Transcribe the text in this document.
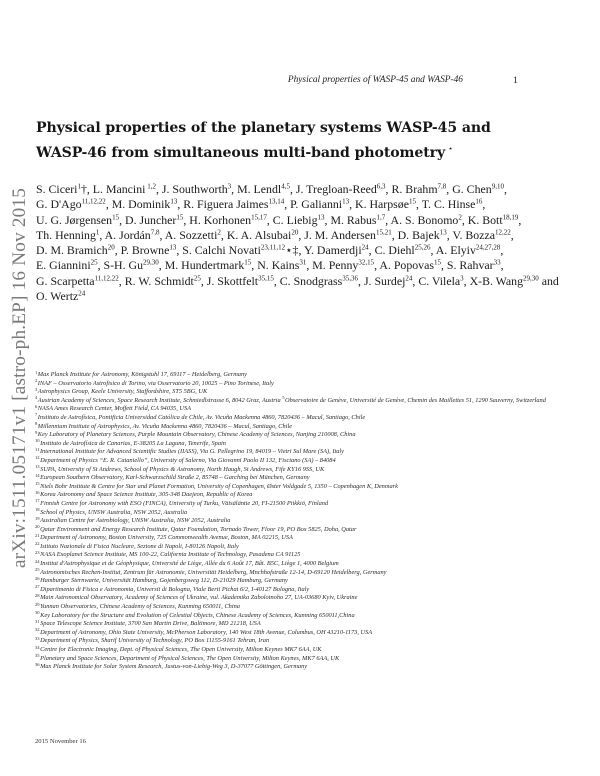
arXiv:1511.05171v1 [astro-ph.EP] 16 Nov 2015
Physical properties of WASP-45 and WASP-46	1
Physical properties of the planetary systems WASP-45 and
WASP-46 from simultaneous multi-band photometry ⋆
S. Ciceri$^1$†, L. Mancini $^{1,2}$, J. Southworth$^3$, M. Lendl$^{4,5}$, J. Tregloan-Reed$^{6,3}$, R. Brahm$^{7,8}$, G. Chen$^{9,10}$, G. D'Ago$^{11,12,22}$, M. Dominik$^{13}$, R. Figuera Jaimes$^{13,14}$, P. Galianni$^{13}$, K. Harpsøe$^{15}$, T. C. Hinse$^{16}$, U. G. Jørgensen$^{15}$, D. Juncher$^{15}$, H. Korhonen$^{15,17}$, C. Liebig$^{13}$, M. Rabus$^{1,7}$, A. S. Bonomo$^2$, K. Bott$^{18,19}$, Th. Henning$^1$, A. Jordán$^{7,8}$, A. Sozzetti$^2$, K. A. Alsubai$^{20}$, J. M. Andersen$^{15,21}$, D. Bajek$^{13}$, V. Bozza$^{12,22}$, D. M. Bramich$^{20}$, P. Browne$^{13}$, S. Calchi Novati$^{23,11,12}$⋆‡, Y. Damerdji$^{24}$, C. Diehl$^{25,26}$, A. Elyiv$^{24,27,28}$, E. Giannini$^{25}$, S-H. Gu$^{29,30}$, M. Hundertmark$^{15}$, N. Kains$^{31}$, M. Penny$^{32,15}$, A. Popovas$^{15}$, S. Rahvar$^{33}$, G. Scarpetta$^{11,12,22}$, R. W. Schmidt$^{25}$, J. Skottfelt$^{35,15}$, C. Snodgrass$^{35,36}$, J. Surdej$^{24}$, C. Vilela$^3$, X-B. Wang$^{29,30}$ and O. Wertz$^{24}$
$^1$Max Planck Institute for Astronomy, Königstuhl 17, 69117 – Heidelberg, Germany
$^2$INAF – Osservatorio Astrofisico di Torino, via Osservatorio 20, 10025 – Pino Torinese, Italy
$^3$Astrophysics Group, Keele University, Staffordshire, ST5 5BG, UK
$^4$Austrian Academy of Sciences, Space Research Institute, Schmiedlstrasse 6, 8042 Graz, Austria $^5$Observatoire de Genève, Université de Genève, Chemin des Maillettes 51, 1290 Sauverny, Switzerland
$^6$NASA Ames Research Center, Moffett Field, CA 94035, USA
$^7$Instituto de Astrofísica, Pontificia Universidad Católica de Chile, Av. Vicuña Mackenna 4860, 7820436 – Macul, Santiago, Chile
$^8$Millennium Institute of Astrophysics, Av. Vicuña Mackenna 4860, 7820436 – Macul, Santiago, Chile
$^9$Key Laboratory of Planetary Sciences, Purple Mountain Observatory, Chinese Academy of Sciences, Nanjing 210008, China
$^{10}$Instituto de Astrofísica de Canarias, E-38205 La Laguna, Tenerife, Spain
$^{11}$International Institute for Advanced Scientific Studies (IIASS), Via G. Pellegrino 19, 84019 – Vietri Sul Mare (SA), Italy
$^{12}$Department of Physics “E. R. Caianiello”, University of Salerno, Via Giovanni Paolo II 132, Fisciano (SA) – 84084
$^{13}$SUPA, University of St Andrews, School of Physics & Astronomy, North Haugh, St Andrews, Fife KY16 9SS, UK
$^{14}$European Southern Observatory, Karl-Schwarzschild Straße 2, 85748 – Garching bei München, Germany
$^{15}$Niels Bohr Institute & Centre for Star and Planet Formation, University of Copenhagen, Øster Voldgade 5, 1350 – Copenhagen K, Denmark
$^{16}$Korea Astronomy and Space Science Institute, 305-348 Daejeon, Republic of Korea
$^{17}$Finnish Centre for Astronomy with ESO (FINCA), University of Turku, Väisäläntie 20, FI-21500 Piikkiö, Finland
$^{18}$School of Physics, UNSW Australia, NSW 2052, Australia
$^{19}$Australian Centre for Astrobiology, UNSW Australia, NSW 2052, Australia
$^{20}$Qatar Environment and Energy Research Institute, Qatar Foundation, Tornado Tower, Floor 19, PO Box 5825, Doha, Qatar
$^{21}$Department of Astronomy, Boston University, 725 Commonwealth Avenue, Boston, MA 02215, USA
$^{22}$Istituto Nazionale di Fisica Nucleare, Sezione di Napoli, I-80126 Napoli, Italy
$^{23}$NASA Exoplanet Science Institute, MS 100-22, California Institute of Technology, Pasadena CA 91125
$^{24}$Institut d'Astrophysique et de Géophysique, Université de Liège, Allée du 6 Août 17, Bât. B5C, Liège 1, 4000 Belgium
$^{25}$Astronomisches Rechen-Institut, Zentrum für Astronomie, Universität Heidelberg, Mnchhofstraße 12-14, D-69120 Heidelberg, Germany
$^{26}$Hamburger Sternwarte, Universität Hamburg, Gojenbergsweg 112, D-21029 Hamburg, Germany
$^{27}$Dipartimento di Fisica e Astronomia, Universit di Bologna, Viale Berti Pichat 6/2, I-40127 Bologna, Italy
$^{28}$Main Astronomical Observatory, Academy of Sciences of Ukraine, vul. Akademika Zabolotnoho 27, UA-03680 Kyiv, Ukraine
$^{29}$Yunnan Observatories, Chinese Academy of Sciences, Kunming 650011, China
$^{30}$Key Laboratory for the Structure and Evolution of Celestial Objects, Chinese Academy of Sciences, Kunming 650011,China
$^{31}$Space Telescope Science Institute, 3700 San Martin Drive, Baltimore, MD 21218, USA
$^{32}$Department of Astronomy, Ohio State University, McPherson Laboratory, 140 West 18th Avenue, Columbus, OH 43210-1173, USA
$^{33}$Department of Physics, Sharif University of Technology, PO Box 11155-9161 Tehran, Iran
$^{34}$Centre for Electronic Imaging, Dept. of Physical Sciences, The Open University, Milton Keynes MK7 6AA, UK
$^{35}$Planetary and Space Sciences, Department of Physical Sciences, The Open University, Milton Keynes, MK7 6AA, UK
$^{36}$Max Planck Institute for Solar System Research, Justus-von-Liebig-Weg 3, D-37077 Göttingen, Germany
2015 November 16
